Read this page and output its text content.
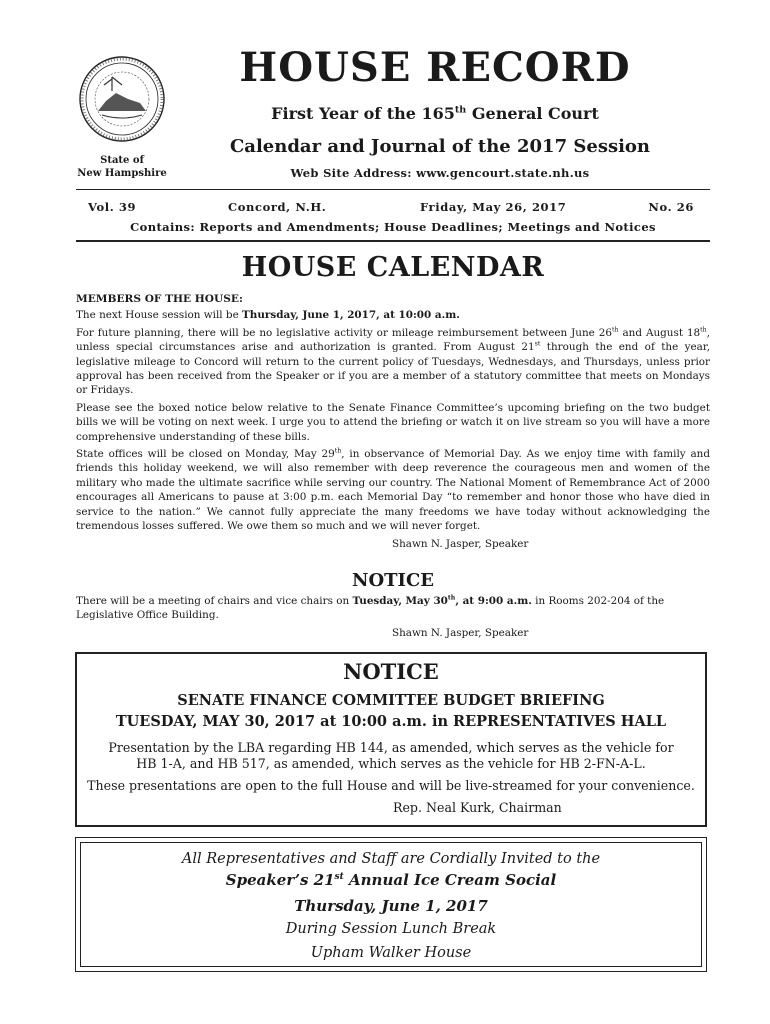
State of
New Hampshire
HOUSE RECORD
First Year of the 165th General Court
Calendar and Journal of the 2017 Session
Web Site Address: www.gencourt.state.nh.us
Vol. 39	Concord, N.H.	Friday, May 26, 2017	No. 26
Contains: Reports and Amendments; House Deadlines; Meetings and Notices
HOUSE CALENDAR

MEMBERS OF THE HOUSE:

The next House session will be Thursday, June 1, 2017, at 10:00 a.m.

For future planning, there will be no legislative activity or mileage reimbursement between June 26th and August 18th, unless special circumstances arise and authorization is granted. From August 21st through the end of the year, legislative mileage to Concord will return to the current policy of Tuesdays, Wednesdays, and Thursdays, unless prior approval has been received from the Speaker or if you are a member of a statutory committee that meets on Mondays or Fridays.

Please see the boxed notice below relative to the Senate Finance Committee’s upcoming briefing on the two budget bills we will be voting on next week. I urge you to attend the briefing or watch it on live stream so you will have a more comprehensive understanding of these bills.

State offices will be closed on Monday, May 29th, in observance of Memorial Day. As we enjoy time with family and friends this holiday weekend, we will also remember with deep reverence the courageous men and women of the military who made the ultimate sacrifice while serving our country. The National Moment of Remembrance Act of 2000 encourages all Americans to pause at 3:00 p.m. each Memorial Day “to remember and honor those who have died in service to the nation.” We cannot fully appreciate the many freedoms we have today without acknowledging the tremendous losses suffered. We owe them so much and we will never forget.

Shawn N. Jasper, Speaker

NOTICE

There will be a meeting of chairs and vice chairs on Tuesday, May 30th, at 9:00 a.m. in Rooms 202-204 of the Legislative Office Building.

Shawn N. Jasper, Speaker

NOTICE
SENATE FINANCE COMMITTEE BUDGET BRIEFING
TUESDAY, MAY 30, 2017 at 10:00 a.m. in REPRESENTATIVES HALL
Presentation by the LBA regarding HB 144, as amended, which serves as the vehicle for HB 1-A, and HB 517, as amended, which serves as the vehicle for HB 2-FN-A-L.
These presentations are open to the full House and will be live-streamed for your convenience.
Rep. Neal Kurk, Chairman
All Representatives and Staff are Cordially Invited to the
Speaker’s 21st Annual Ice Cream Social
Thursday, June 1, 2017
During Session Lunch Break
Upham Walker House
